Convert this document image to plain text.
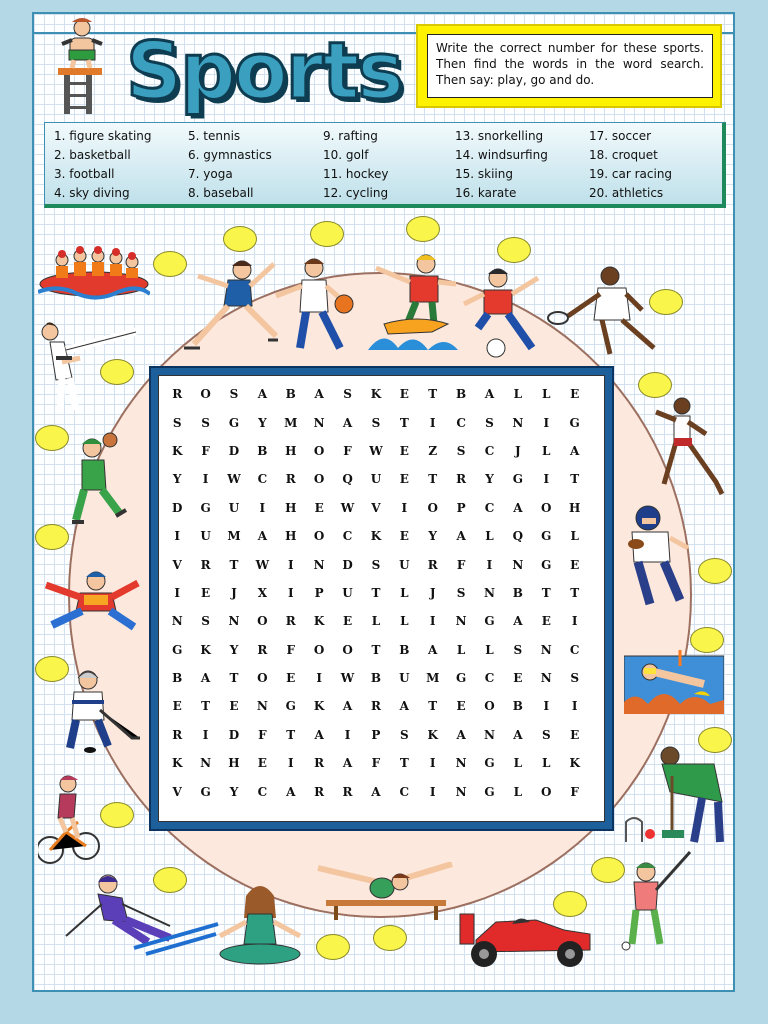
Sports	Write the correct number for these sports. Then find the words in the word search. Then say: play, go and do.
1. figure skating
2. basketball
3. football
4. sky diving
5. tennis
6. gymnastics
7. yoga
8. baseball
9. rafting
10. golf
11. hockey
12. cycling
13. snorkelling
14. windsurfing
15. skiing
16. karate
17. soccer
18. croquet
19. car racing
20. athletics
R	O	S	A	B	A	S	K	E	T	B	A	L	L	E
S	S	G	Y	M	N	A	S	T	I	C	S	N	I	G
K	F	D	B	H	O	F	W	E	Z	S	C	J	L	A
Y	I	W	C	R	O	Q	U	E	T	R	Y	G	I	T
D	G	U	I	H	E	W	V	I	O	P	C	A	O	H
I	U	M	A	H	O	C	K	E	Y	A	L	Q	G	L
V	R	T	W	I	N	D	S	U	R	F	I	N	G	E
I	E	J	X	I	P	U	T	L	J	S	N	B	T	T
N	S	N	O	R	K	E	L	L	I	N	G	A	E	I
G	K	Y	R	F	O	O	T	B	A	L	L	S	N	C
B	A	T	O	E	I	W	B	U	M	G	C	E	N	S
E	T	E	N	G	K	A	R	A	T	E	O	B	I	I
R	I	D	F	T	A	I	P	S	K	A	N	A	S	E
K	N	H	E	I	R	A	F	T	I	N	G	L	L	K
V	G	Y	C	A	R	R	A	C	I	N	G	L	O	F
